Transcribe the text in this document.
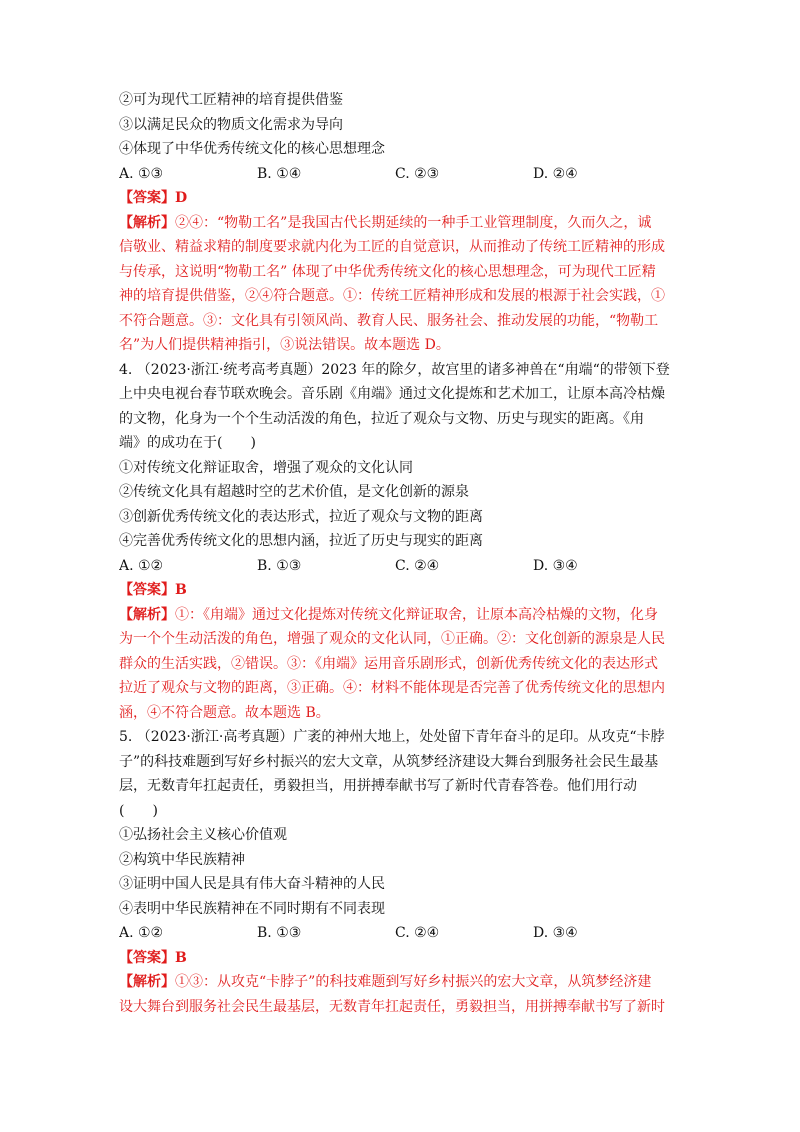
②可为现代工匠精神的培育提供借鉴
③以满足民众的物质文化需求为导向
④体现了中华优秀传统文化的核心思想理念
A. ①③	B. ①④	C. ②③	D. ②④
【答案】D
【解析】②④：“物勒工名”是我国古代长期延续的一种手工业管理制度，久而久之，诚
信敬业、精益求精的制度要求就内化为工匠的自觉意识，从而推动了传统工匠精神的形成
与传承，这说明“物勒工名” 体现了中华优秀传统文化的核心思想理念，可为现代工匠精
神的培育提供借鉴，②④符合题意。①：传统工匠精神形成和发展的根源于社会实践，①
不符合题意。③：文化具有引领风尚、教育人民、服务社会、推动发展的功能，“物勒工
名”为人们提供精神指引，③说法错误。故本题选 D。
4. （2023·浙江·统考高考真题）2023 年的除夕，故宫里的诸多神兽在“甪端“的带领下登
上中央电视台春节联欢晚会。音乐剧《甪端》通过文化提炼和艺术加工，让原本高冷枯燥
的文物，化身为一个个生动活泼的角色，拉近了观众与文物、历史与现实的距离。《甪
端》的成功在于(　　)
①对传统文化辩证取舍，增强了观众的文化认同
②传统文化具有超越时空的艺术价值，是文化创新的源泉
③创新优秀传统文化的表达形式，拉近了观众与文物的距离
④完善优秀传统文化的思想内涵，拉近了历史与现实的距离
A. ①②	B. ①③	C. ②④	D. ③④
【答案】B
【解析】①：《甪端》通过文化提炼对传统文化辩证取舍，让原本高冷枯燥的文物，化身
为一个个生动活泼的角色，增强了观众的文化认同，①正确。②：文化创新的源泉是人民
群众的生活实践，②错误。③：《甪端》运用音乐剧形式，创新优秀传统文化的表达形式
拉近了观众与文物的距离，③正确。④：材料不能体现是否完善了优秀传统文化的思想内
涵，④不符合题意。故本题选 B。
5. （2023·浙江·高考真题）广袤的神州大地上，处处留下青年奋斗的足印。从攻克“卡脖
子”的科技难题到写好乡村振兴的宏大文章，从筑梦经济建设大舞台到服务社会民生最基
层，无数青年扛起责任，勇毅担当，用拼搏奉献书写了新时代青春答卷。他们用行动
(　　)
①弘扬社会主义核心价值观
②构筑中华民族精神
③证明中国人民是具有伟大奋斗精神的人民
④表明中华民族精神在不同时期有不同表现
A. ①②	B. ①③	C. ②④	D. ③④
【答案】B
【解析】①③：从攻克“卡脖子”的科技难题到写好乡村振兴的宏大文章，从筑梦经济建
设大舞台到服务社会民生最基层，无数青年扛起责任，勇毅担当，用拼搏奉献书写了新时
